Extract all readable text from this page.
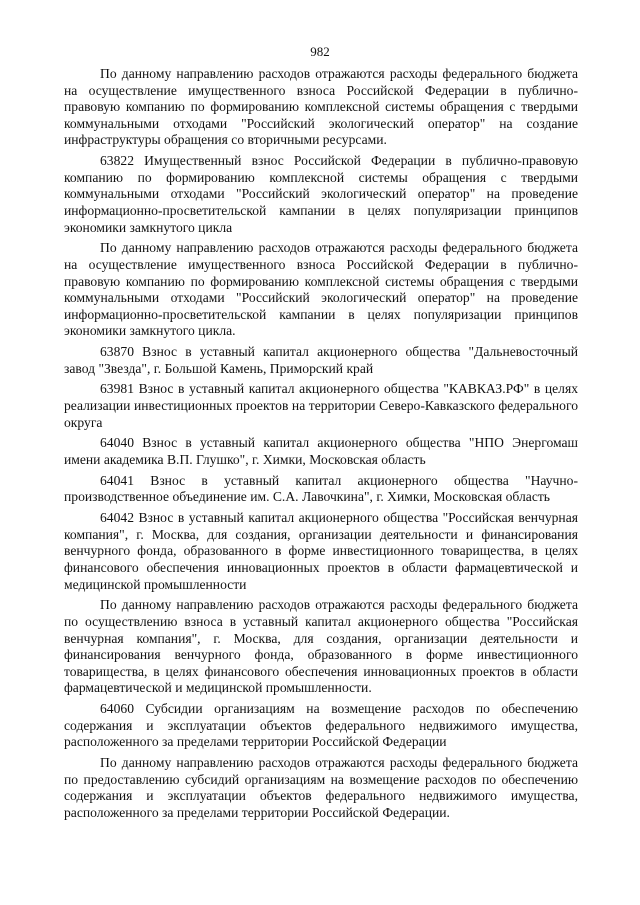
982

По данному направлению расходов отражаются расходы федерального бюджета на осуществление имущественного взноса Российской Федерации в публично-правовую компанию по формированию комплексной системы обращения с твердыми коммунальными отходами "Российский экологический оператор" на создание инфраструктуры обращения со вторичными ресурсами.

63822 Имущественный взнос Российской Федерации в публично-правовую компанию по формированию комплексной системы обращения с твердыми коммунальными отходами "Российский экологический оператор" на проведение информационно-просветительской кампании в целях популяризации принципов экономики замкнутого цикла

По данному направлению расходов отражаются расходы федерального бюджета на осуществление имущественного взноса Российской Федерации в публично-правовую компанию по формированию комплексной системы обращения с твердыми коммунальными отходами "Российский экологический оператор" на проведение информационно-просветительской кампании в целях популяризации принципов экономики замкнутого цикла.

63870 Взнос в уставный капитал акционерного общества "Дальневосточный завод "Звезда", г. Большой Камень, Приморский край

63981 Взнос в уставный капитал акционерного общества "КАВКАЗ.РФ" в целях реализации инвестиционных проектов на территории Северо-Кавказского федерального округа

64040 Взнос в уставный капитал акционерного общества "НПО Энергомаш имени академика В.П. Глушко", г. Химки, Московская область

64041 Взнос в уставный капитал акционерного общества "Научно-производственное объединение им. С.А. Лавочкина", г. Химки, Московская область

64042 Взнос в уставный капитал акционерного общества "Российская венчурная компания", г. Москва, для создания, организации деятельности и финансирования венчурного фонда, образованного в форме инвестиционного товарищества, в целях финансового обеспечения инновационных проектов в области фармацевтической и медицинской промышленности

По данному направлению расходов отражаются расходы федерального бюджета по осуществлению взноса в уставный капитал акционерного общества "Российская венчурная компания", г. Москва, для создания, организации деятельности и финансирования венчурного фонда, образованного в форме инвестиционного товарищества, в целях финансового обеспечения инновационных проектов в области фармацевтической и медицинской промышленности.

64060 Субсидии организациям на возмещение расходов по обеспечению содержания и эксплуатации объектов федерального недвижимого имущества, расположенного за пределами территории Российской Федерации

По данному направлению расходов отражаются расходы федерального бюджета по предоставлению субсидий организациям на возмещение расходов по обеспечению содержания и эксплуатации объектов федерального недвижимого имущества, расположенного за пределами территории Российской Федерации.
